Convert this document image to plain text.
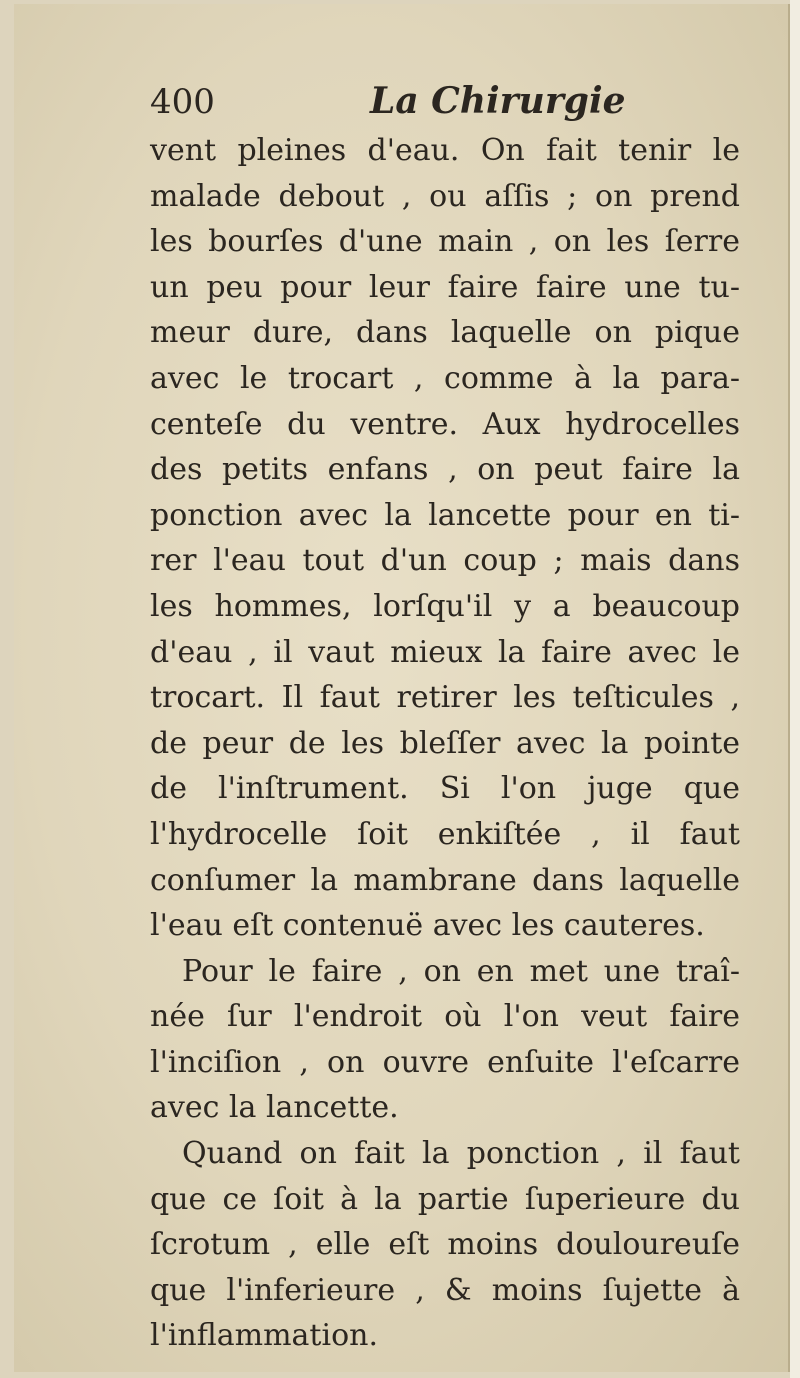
400	La Chirurgie
vent pleines d'eau. On fait tenir le
malade debout , ou aſſis ; on prend
les bourſes d'une main , on les ſerre
un peu pour leur faire faire une tu-
meur dure, dans laquelle on pique
avec le trocart , comme à la para-
centeſe du ventre. Aux hydrocelles
des petits enfans , on peut faire la
ponction avec la lancette pour en ti-
rer l'eau tout d'un coup ; mais dans
les hommes, lorſqu'il y a beaucoup
d'eau , il vaut mieux la faire avec le
trocart. Il faut retirer les teſticules ,
de peur de les bleſſer avec la pointe
de l'inſtrument. Si l'on juge que
l'hydrocelle ſoit enkiſtée , il faut
conſumer la mambrane dans laquelle
l'eau eſt contenuë avec les cauteres.
Pour le faire , on en met une traî-
née ſur l'endroit où l'on veut faire
l'inciſion , on ouvre enſuite l'eſcarre
avec la lancette.
Quand on fait la ponction , il faut
que ce ſoit à la partie ſuperieure du
ſcrotum , elle eſt moins douloureuſe
que l'inferieure , & moins ſujette à
l'inflammation.
